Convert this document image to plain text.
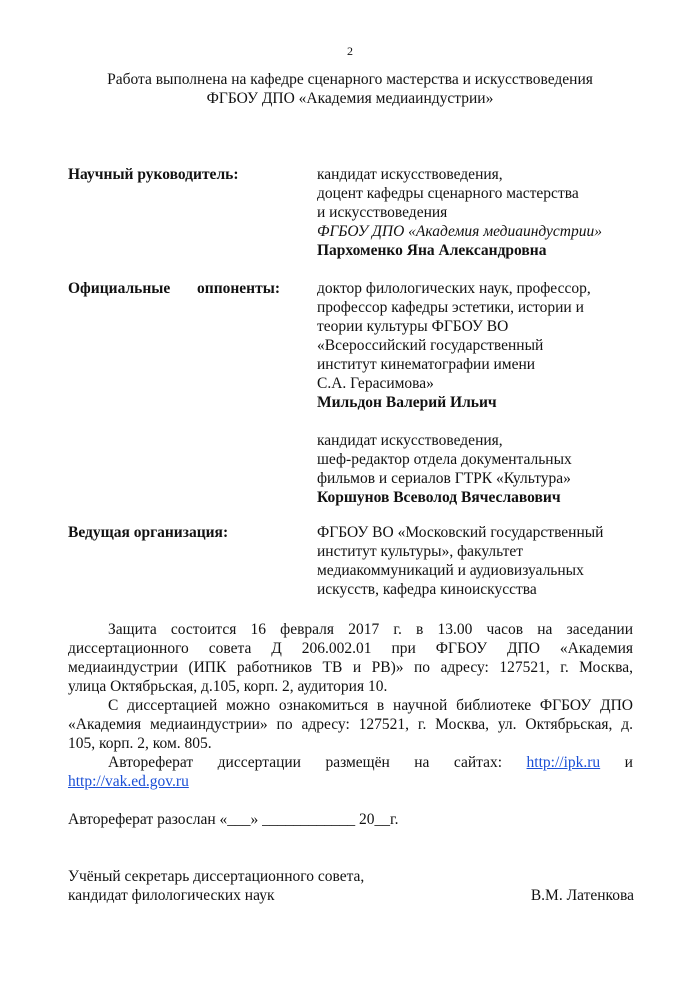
2
Работа выполнена на кафедре сценарного мастерства и искусствоведения
ФГБОУ ДПО «Академия медиаиндустрии»
Научный руководитель:	кандидат искусствоведения,
доцент кафедры сценарного мастерства
и искусствоведения
ФГБОУ ДПО «Академия медиаиндустрии»
Пархоменко Яна Александровна
Официальные оппоненты: доктор филологических наук, профессор,
профессор кафедры эстетики, истории и
теории культуры ФГБОУ ВО
«Всероссийский государственный
институт кинематографии имени
С.А. Герасимова»
Мильдон Валерий Ильич
кандидат искусствоведения,
шеф-редактор отдела документальных
фильмов и сериалов ГТРК «Культура»
Коршунов Всеволод Вячеславович
Ведущая организация:	ФГБОУ ВО «Московский государственный
институт культуры», факультет
медиакоммуникаций и аудиовизуальных
искусств, кафедра киноискусства
Защита состоится 16 февраля 2017 г. в 13.00 часов на заседании
диссертационного совета Д 206.002.01 при ФГБОУ ДПО «Академия
медиаиндустрии (ИПК работников ТВ и РВ)» по адресу: 127521, г. Москва,
улица Октябрьская, д.105, корп. 2, аудитория 10.
С диссертацией можно ознакомиться в научной библиотеке ФГБОУ ДПО
«Академия медиаиндустрии» по адресу: 127521, г. Москва, ул. Октябрьская, д.
105, корп. 2, ком. 805.
Автореферат диссертации размещён на сайтах: http://ipk.ru и
http://vak.ed.gov.ru
Автореферат разослан «___» ____________ 20__г.
Учёный секретарь диссертационного совета,
кандидат филологических наук	В.М. Латенкова
